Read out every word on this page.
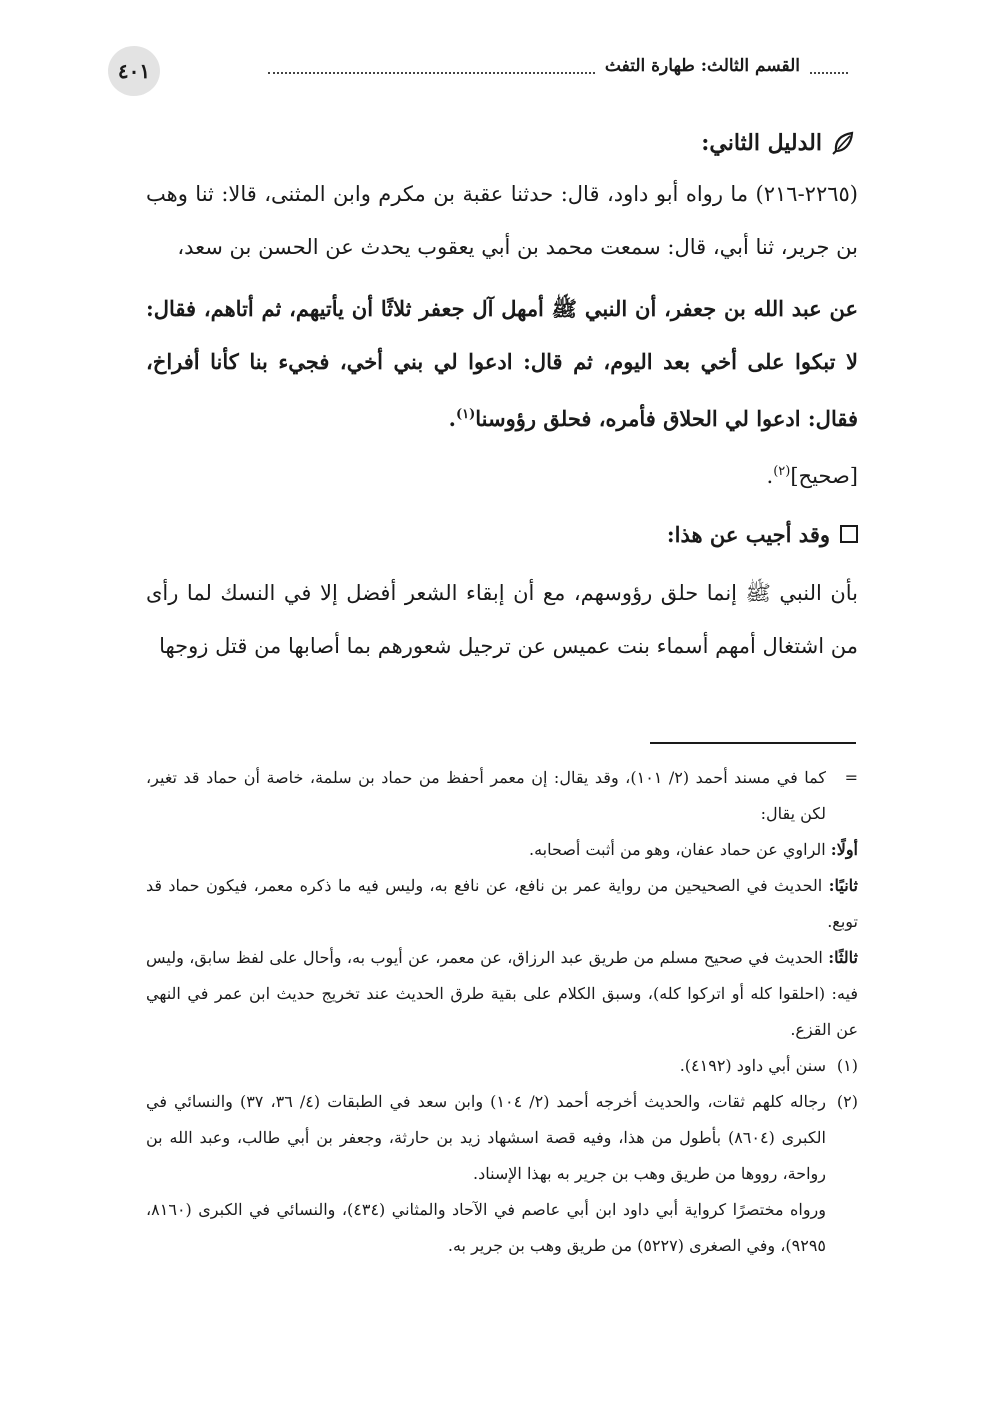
٤٠١	القسم الثالث: طهارة التفث
الدليل الثاني:

(٢٢٦٥-٢١٦) ما رواه أبو داود، قال: حدثنا عقبة بن مكرم وابن المثنى، قالا: ثنا وهب بن جرير، ثنا أبي، قال: سمعت محمد بن أبي يعقوب يحدث عن الحسن بن سعد،

عن عبد الله بن جعفر، أن النبي ﷺ أمهل آل جعفر ثلاثًا أن يأتيهم، ثم أتاهم، فقال: لا تبكوا على أخي بعد اليوم، ثم قال: ادعوا لي بني أخي، فجيء بنا كأنا أفراخ، فقال: ادعوا لي الحلاق فأمره، فحلق رؤوسنا$^{(١)}$.

[صحيح]$^{(٢)}$.

وقد أجيب عن هذا:

بأن النبي ﷺ إنما حلق رؤوسهم، مع أن إبقاء الشعر أفضل إلا في النسك لما رأى من اشتغال أمهم أسماء بنت عميس عن ترجيل شعورهم بما أصابها من قتل زوجها

=
كما في مسند أحمد (٢/ ١٠١)، وقد يقال: إن معمر أحفظ من حماد بن سلمة، خاصة أن حماد قد تغير، لكن يقال:
أولًا: الراوي عن حماد عفان، وهو من أثبت أصحابه.
ثانيًا: الحديث في الصحيحين من رواية عمر بن نافع، عن نافع به، وليس فيه ما ذكره معمر، فيكون حماد قد توبع.
ثالثًا: الحديث في صحيح مسلم من طريق عبد الرزاق، عن معمر، عن أيوب به، وأحال على لفظ سابق، وليس فيه: (احلقوا كله أو اتركوا كله)، وسبق الكلام على بقية طرق الحديث عند تخريج حديث ابن عمر في النهي عن القزع.
(١)
سنن أبي داود (٤١٩٢).
(٢)
رجاله كلهم ثقات، والحديث أخرجه أحمد (٢/ ١٠٤) وابن سعد في الطبقات (٤/ ٣٦، ٣٧) والنسائي في الكبرى (٨٦٠٤) بأطول من هذا، وفيه قصة اسشهاد زيد بن حارثة، وجعفر بن أبي طالب، وعبد الله بن رواحة، رووها من طريق وهب بن جرير به بهذا الإسناد.
ورواه مختصرًا كرواية أبي داود ابن أبي عاصم في الآحاد والمثاني (٤٣٤)، والنسائي في الكبرى (٨١٦٠، ٩٢٩٥)، وفي الصغرى (٥٢٢٧) من طريق وهب بن جرير به.
